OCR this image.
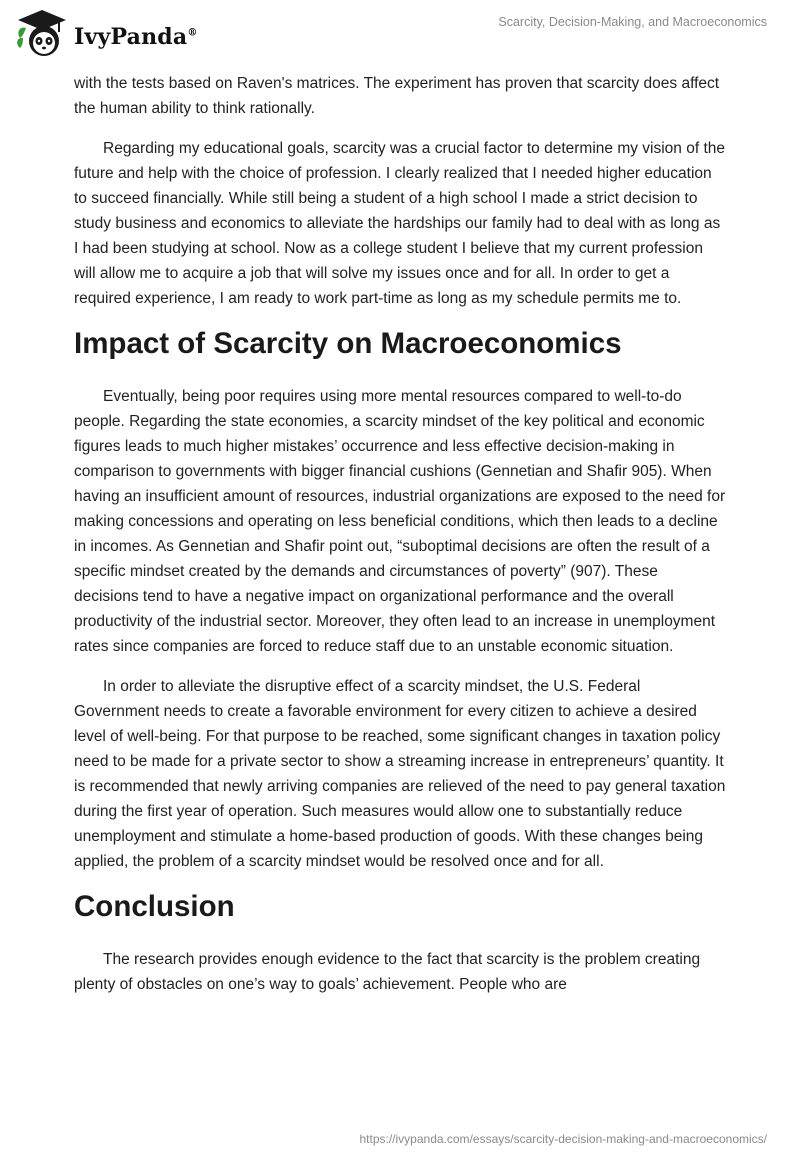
IvyPanda®
Scarcity, Decision-Making, and Macroeconomics

with the tests based on Raven's matrices. The experiment has proven that scarcity does affect the human ability to think rationally.

Regarding my educational goals, scarcity was a crucial factor to determine my vision of the future and help with the choice of profession. I clearly realized that I needed higher education to succeed financially. While still being a student of a high school I made a strict decision to study business and economics to alleviate the hardships our family had to deal with as long as I had been studying at school. Now as a college student I believe that my current profession will allow me to acquire a job that will solve my issues once and for all. In order to get a required experience, I am ready to work part-time as long as my schedule permits me to.

Impact of Scarcity on Macroeconomics

Eventually, being poor requires using more mental resources compared to well-to-do people. Regarding the state economies, a scarcity mindset of the key political and economic figures leads to much higher mistakes’ occurrence and less effective decision-making in comparison to governments with bigger financial cushions (Gennetian and Shafir 905). When having an insufficient amount of resources, industrial organizations are exposed to the need for making concessions and operating on less beneficial conditions, which then leads to a decline in incomes. As Gennetian and Shafir point out, “suboptimal decisions are often the result of a specific mindset created by the demands and circumstances of poverty” (907). These decisions tend to have a negative impact on organizational performance and the overall productivity of the industrial sector. Moreover, they often lead to an increase in unemployment rates since companies are forced to reduce staff due to an unstable economic situation.

In order to alleviate the disruptive effect of a scarcity mindset, the U.S. Federal Government needs to create a favorable environment for every citizen to achieve a desired level of well-being. For that purpose to be reached, some significant changes in taxation policy need to be made for a private sector to show a streaming increase in entrepreneurs’ quantity. It is recommended that newly arriving companies are relieved of the need to pay general taxation during the first year of operation. Such measures would allow one to substantially reduce unemployment and stimulate a home-based production of goods. With these changes being applied, the problem of a scarcity mindset would be resolved once and for all.

Conclusion

The research provides enough evidence to the fact that scarcity is the problem creating plenty of obstacles on one’s way to goals’ achievement. People who are

https://ivypanda.com/essays/scarcity-decision-making-and-macroeconomics/
